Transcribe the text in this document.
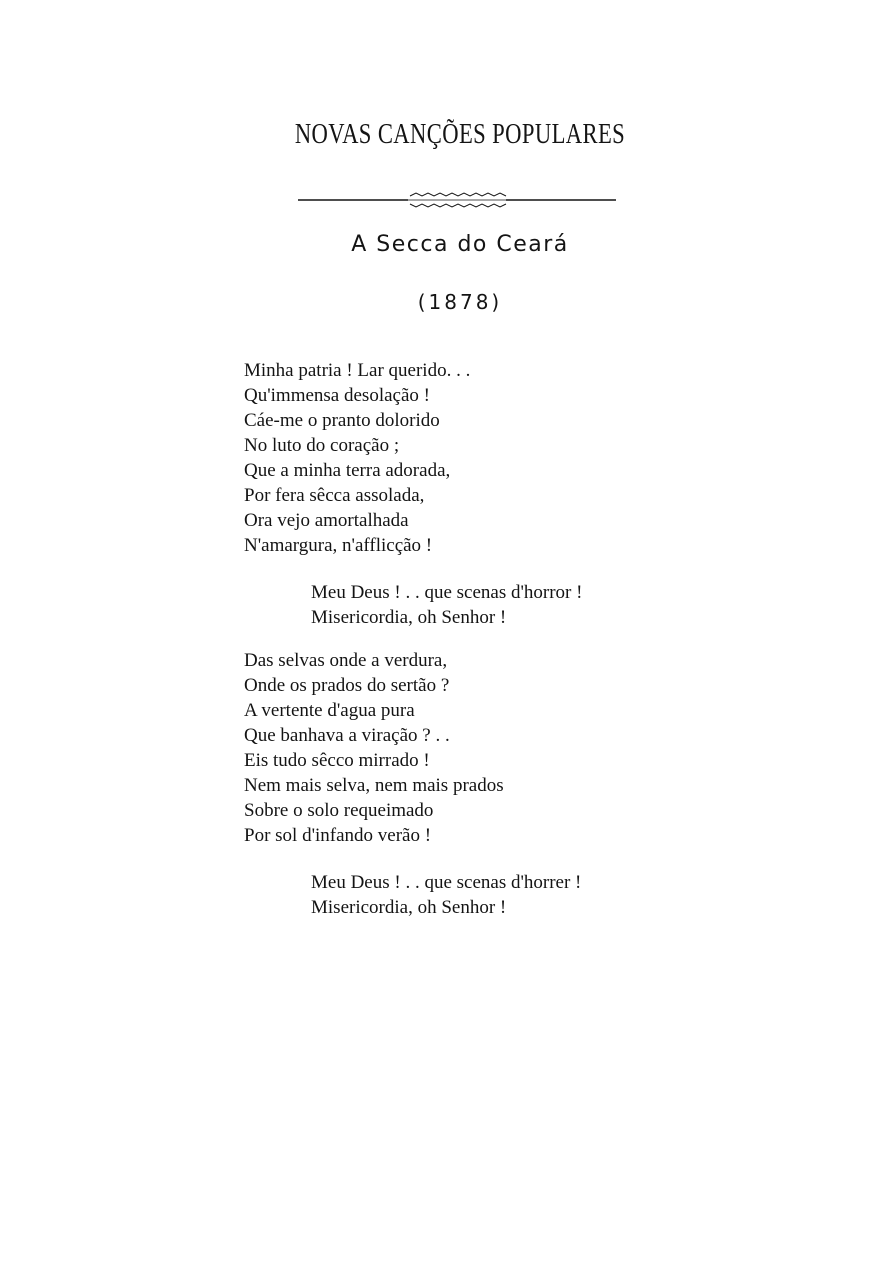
NOVAS CANÇÕES POPULARES
A Secca do Ceará
(1878)
Minha patria ! Lar querido. . .
Qu'immensa desolação !
Cáe-me o pranto dolorido
No luto do coração ;
Que a minha terra adorada,
Por fera sêcca assolada,
Ora vejo amortalhada
N'amargura, n'afflicção !
Meu Deus ! . . que scenas d'horror !
Misericordia, oh Senhor !
Das selvas onde a verdura,
Onde os prados do sertão ?
A vertente d'agua pura
Que banhava a viração ? . .
Eis tudo sêcco mirrado !
Nem mais selva, nem mais prados
Sobre o solo requeimado
Por sol d'infando verão !
Meu Deus ! . . que scenas d'horrer !
Misericordia, oh Senhor !
